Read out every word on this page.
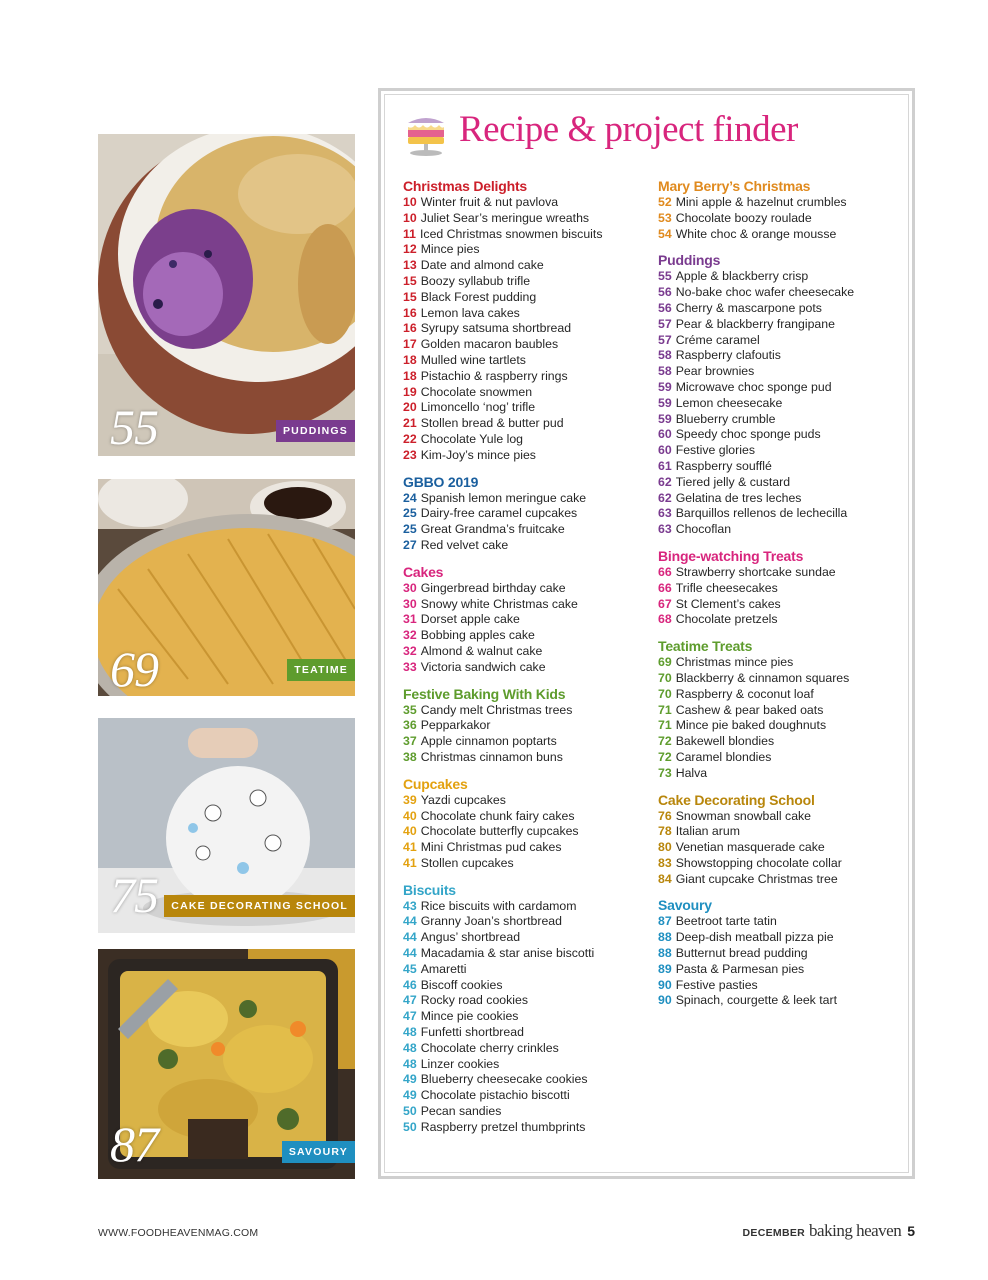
55	PUDDINGS
69	TEATIME
75	CAKE DECORATING SCHOOL
87	SAVOURY
Recipe & project finder
Christmas Delights
10 Winter fruit & nut pavlova
10 Juliet Sear’s meringue wreaths
11 Iced Christmas snowmen biscuits
12 Mince pies
13 Date and almond cake
15 Boozy syllabub trifle
15 Black Forest pudding
16 Lemon lava cakes
16 Syrupy satsuma shortbread
17 Golden macaron baubles
18 Mulled wine tartlets
18 Pistachio & raspberry rings
19 Chocolate snowmen
20 Limoncello ‘nog’ trifle
21 Stollen bread & butter pud
22 Chocolate Yule log
23 Kim-Joy’s mince pies
GBBO 2019
24 Spanish lemon meringue cake
25 Dairy-free caramel cupcakes
25 Great Grandma’s fruitcake
27 Red velvet cake
Cakes
30 Gingerbread birthday cake
30 Snowy white Christmas cake
31 Dorset apple cake
32 Bobbing apples cake
32 Almond & walnut cake
33 Victoria sandwich cake
Festive Baking With Kids
35 Candy melt Christmas trees
36 Pepparkakor
37 Apple cinnamon poptarts
38 Christmas cinnamon buns
Cupcakes
39 Yazdi cupcakes
40 Chocolate chunk fairy cakes
40 Chocolate butterfly cupcakes
41 Mini Christmas pud cakes
41 Stollen cupcakes
Biscuits
43 Rice biscuits with cardamom
44 Granny Joan’s shortbread
44 Angus’ shortbread
44 Macadamia & star anise biscotti
45 Amaretti
46 Biscoff cookies
47 Rocky road cookies
47 Mince pie cookies
48 Funfetti shortbread
48 Chocolate cherry crinkles
48 Linzer cookies
49 Blueberry cheesecake cookies
49 Chocolate pistachio biscotti
50 Pecan sandies
50 Raspberry pretzel thumbprints
Mary Berry’s Christmas
52 Mini apple & hazelnut crumbles
53 Chocolate boozy roulade
54 White choc & orange mousse
Puddings
55 Apple & blackberry crisp
56 No-bake choc wafer cheesecake
56 Cherry & mascarpone pots
57 Pear & blackberry frangipane
57 Créme caramel
58 Raspberry clafoutis
58 Pear brownies
59 Microwave choc sponge pud
59 Lemon cheesecake
59 Blueberry crumble
60 Speedy choc sponge puds
60 Festive glories
61 Raspberry soufflé
62 Tiered jelly & custard
62 Gelatina de tres leches
63 Barquillos rellenos de lechecilla
63 Chocoflan
Binge-watching Treats
66 Strawberry shortcake sundae
66 Trifle cheesecakes
67 St Clement’s cakes
68 Chocolate pretzels
Teatime Treats
69 Christmas mince pies
70 Blackberry & cinnamon squares
70 Raspberry & coconut loaf
71 Cashew & pear baked oats
71 Mince pie baked doughnuts
72 Bakewell blondies
72 Caramel blondies
73 Halva
Cake Decorating School
76 Snowman snowball cake
78 Italian arum
80 Venetian masquerade cake
83 Showstopping chocolate collar
84 Giant cupcake Christmas tree
Savoury
87 Beetroot tarte tatin
88 Deep-dish meatball pizza pie
88 Butternut bread pudding
89 Pasta & Parmesan pies
90 Festive pasties
90 Spinach, courgette & leek tart
WWW.FOODHEAVENMAG.COM	DECEMBER baking heaven 5
